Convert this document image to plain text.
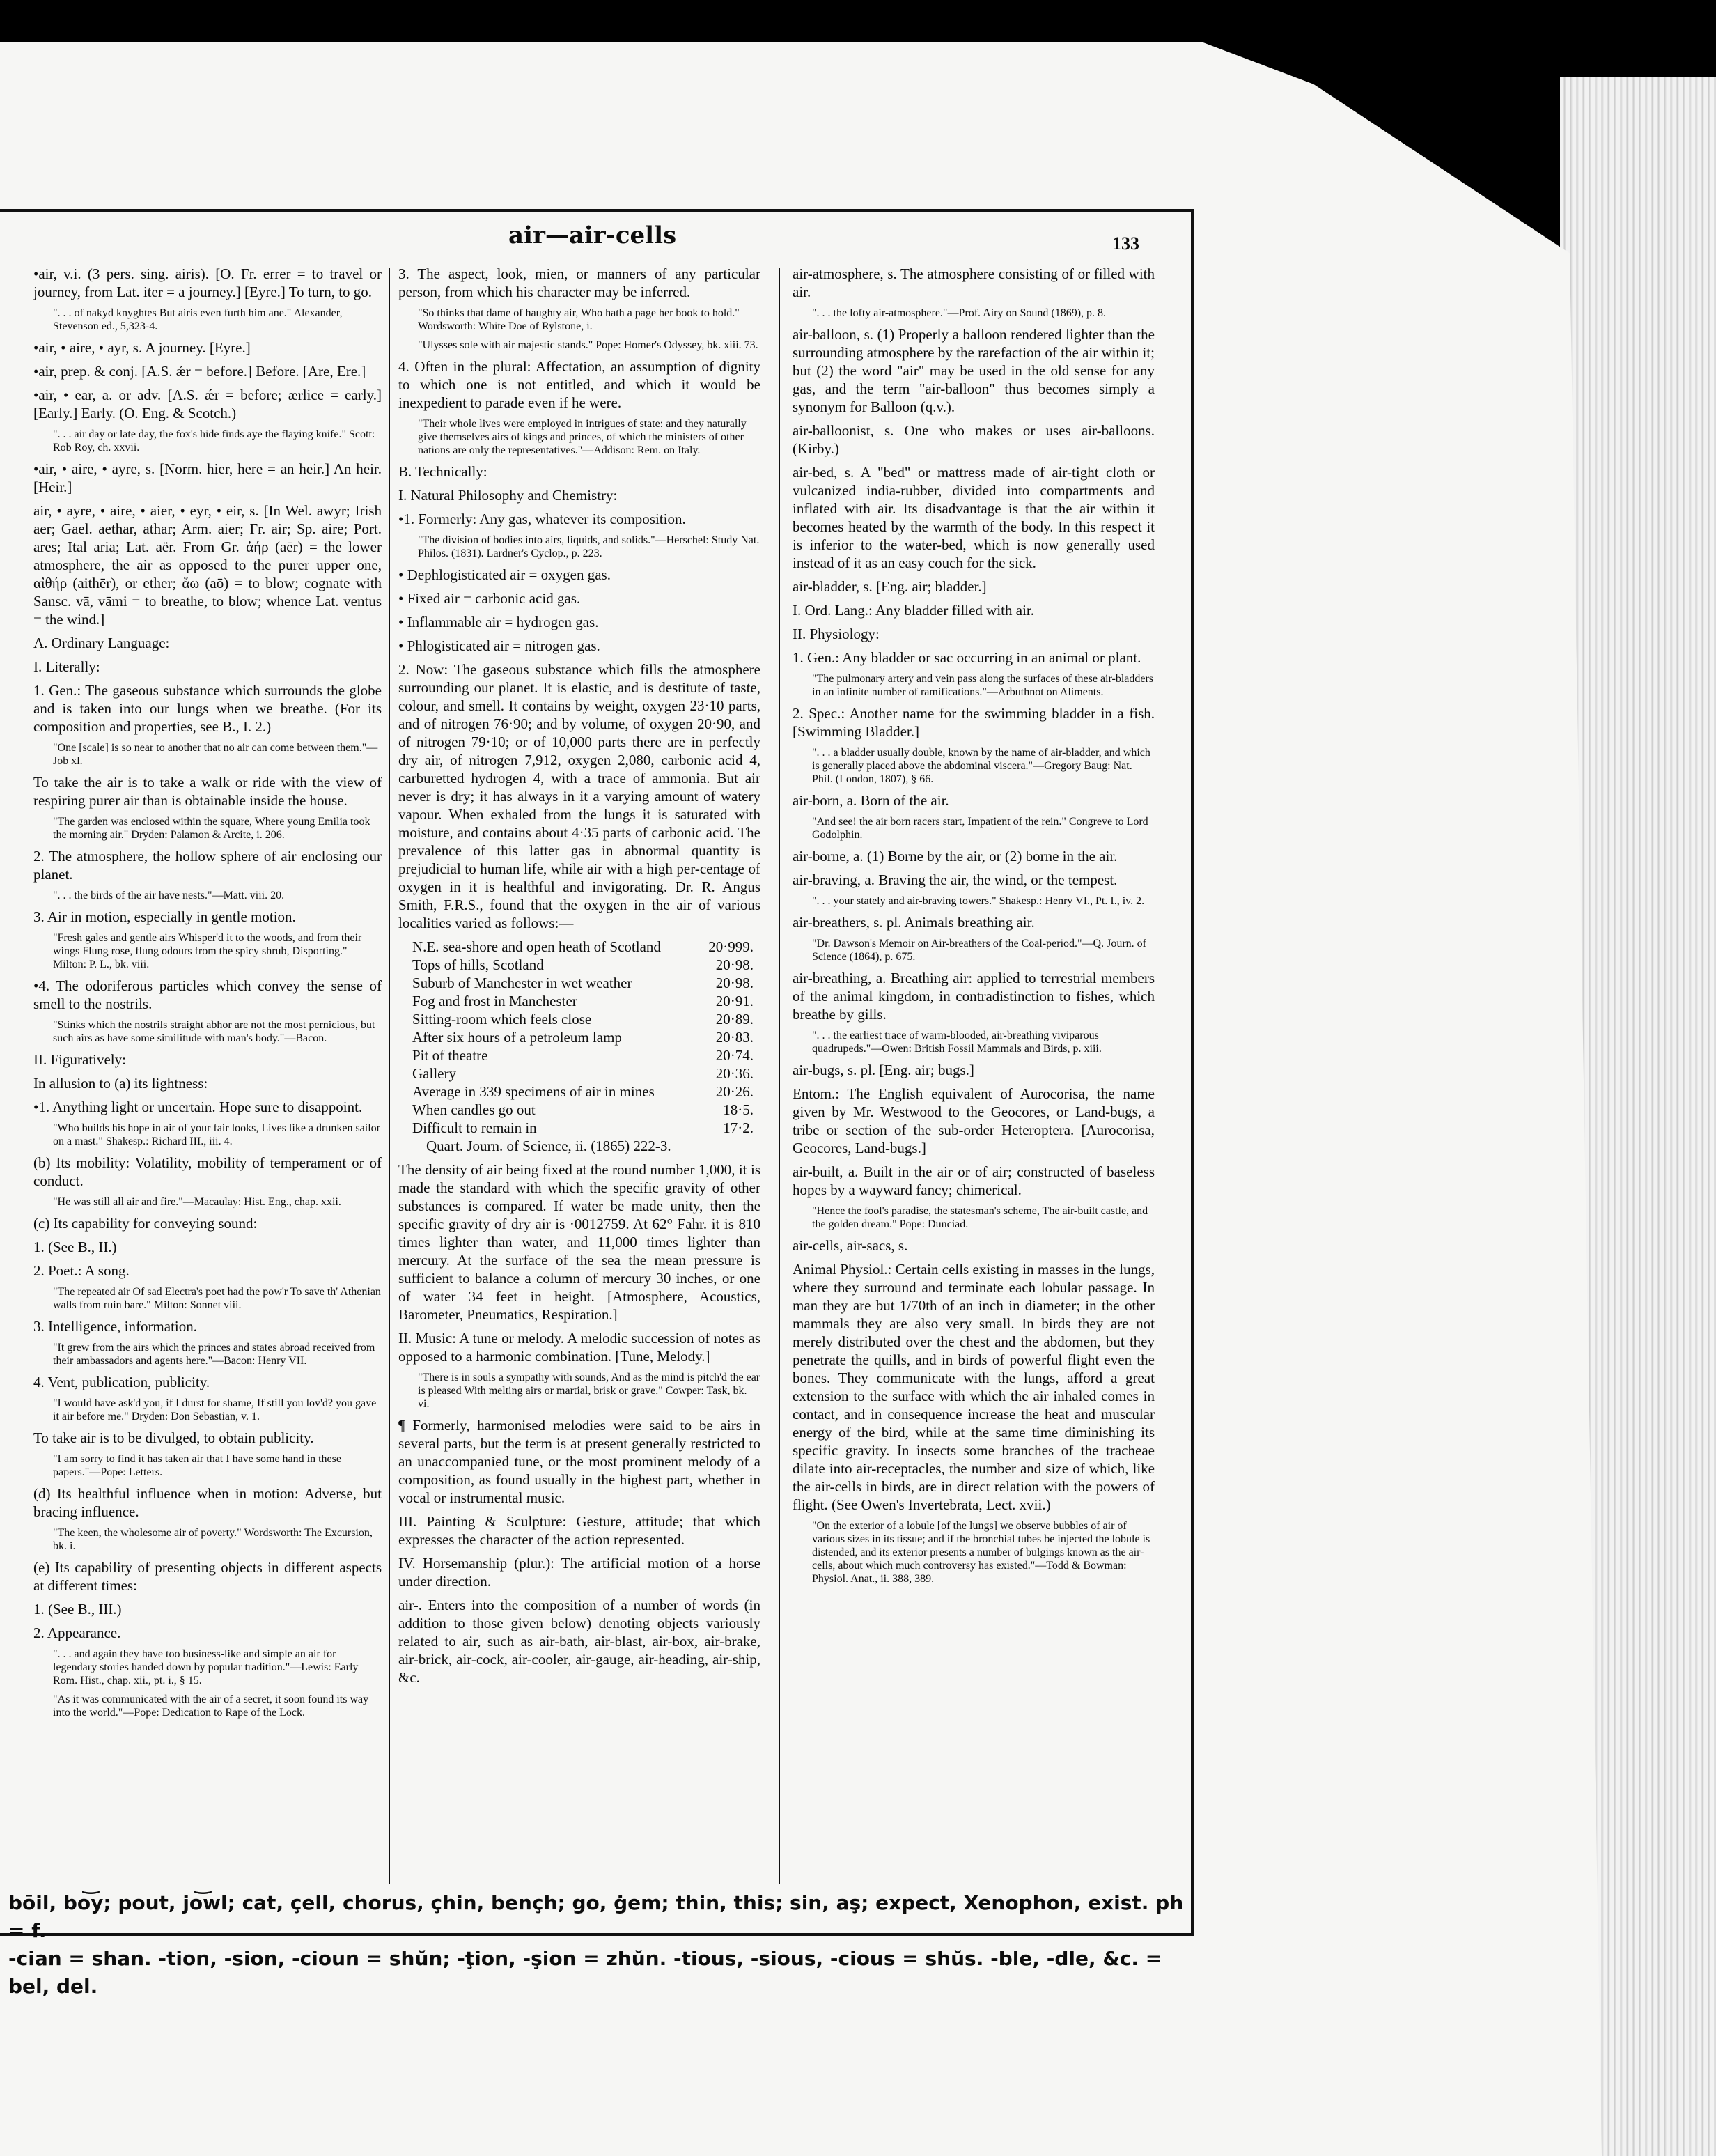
air—air-cells	133

•air, v.i. (3 pers. sing. airis). [O. Fr. errer = to travel or journey, from Lat. iter = a journey.] [Eyre.] To turn, to go.

". . . of nakyd knyghtes But airis even furth him ane." Alexander, Stevenson ed., 5,323-4.

•air, • aire, • ayr, s. A journey. [Eyre.]

•air, prep. & conj. [A.S. ǽr = before.] Before. [Are, Ere.]

•air, • ear, a. or adv. [A.S. ǽr = before; ærlice = early.] [Early.] Early. (O. Eng. & Scotch.)

". . . air day or late day, the fox's hide finds aye the flaying knife." Scott: Rob Roy, ch. xxvii.

•air, • aire, • ayre, s. [Norm. hier, here = an heir.] An heir. [Heir.]

air, • ayre, • aire, • aier, • eyr, • eir, s. [In Wel. awyr; Irish aer; Gael. aethar, athar; Arm. aier; Fr. air; Sp. aire; Port. ares; Ital aria; Lat. aër. From Gr. ἀήρ (aēr) = the lower atmosphere, the air as opposed to the purer upper one, αἰθήρ (aithēr), or ether; ἄω (aō) = to blow; cognate with Sansc. vā, vāmi = to breathe, to blow; whence Lat. ventus = the wind.]

A. Ordinary Language:

I. Literally:

1. Gen.: The gaseous substance which surrounds the globe and is taken into our lungs when we breathe. (For its composition and properties, see B., I. 2.)

"One [scale] is so near to another that no air can come between them."—Job xl.

To take the air is to take a walk or ride with the view of respiring purer air than is obtainable inside the house.

"The garden was enclosed within the square, Where young Emilia took the morning air." Dryden: Palamon & Arcite, i. 206.

2. The atmosphere, the hollow sphere of air enclosing our planet.

". . . the birds of the air have nests."—Matt. viii. 20.

3. Air in motion, especially in gentle motion.

"Fresh gales and gentle airs Whisper'd it to the woods, and from their wings Flung rose, flung odours from the spicy shrub, Disporting." Milton: P. L., bk. viii.

•4. The odoriferous particles which convey the sense of smell to the nostrils.

"Stinks which the nostrils straight abhor are not the most pernicious, but such airs as have some similitude with man's body."—Bacon.

II. Figuratively:

In allusion to (a) its lightness:

•1. Anything light or uncertain. Hope sure to disappoint.

"Who builds his hope in air of your fair looks, Lives like a drunken sailor on a mast." Shakesp.: Richard III., iii. 4.

(b) Its mobility: Volatility, mobility of temperament or of conduct.

"He was still all air and fire."—Macaulay: Hist. Eng., chap. xxii.

(c) Its capability for conveying sound:

1. (See B., II.)

2. Poet.: A song.

"The repeated air Of sad Electra's poet had the pow'r To save th' Athenian walls from ruin bare." Milton: Sonnet viii.

3. Intelligence, information.

"It grew from the airs which the princes and states abroad received from their ambassadors and agents here."—Bacon: Henry VII.

4. Vent, publication, publicity.

"I would have ask'd you, if I durst for shame, If still you lov'd? you gave it air before me." Dryden: Don Sebastian, v. 1.

To take air is to be divulged, to obtain publicity.

"I am sorry to find it has taken air that I have some hand in these papers."—Pope: Letters.

(d) Its healthful influence when in motion: Adverse, but bracing influence.

"The keen, the wholesome air of poverty." Wordsworth: The Excursion, bk. i.

(e) Its capability of presenting objects in different aspects at different times:

1. (See B., III.)

2. Appearance.

". . . and again they have too business-like and simple an air for legendary stories handed down by popular tradition."—Lewis: Early Rom. Hist., chap. xii., pt. i., § 15.

"As it was communicated with the air of a secret, it soon found its way into the world."—Pope: Dedication to Rape of the Lock.

3. The aspect, look, mien, or manners of any particular person, from which his character may be inferred.

"So thinks that dame of haughty air, Who hath a page her book to hold." Wordsworth: White Doe of Rylstone, i.

"Ulysses sole with air majestic stands." Pope: Homer's Odyssey, bk. xiii. 73.

4. Often in the plural: Affectation, an assumption of dignity to which one is not entitled, and which it would be inexpedient to parade even if he were.

"Their whole lives were employed in intrigues of state: and they naturally give themselves airs of kings and princes, of which the ministers of other nations are only the representatives."—Addison: Rem. on Italy.

B. Technically:

I. Natural Philosophy and Chemistry:

•1. Formerly: Any gas, whatever its composition.

"The division of bodies into airs, liquids, and solids."—Herschel: Study Nat. Philos. (1831). Lardner's Cyclop., p. 223.

• Dephlogisticated air = oxygen gas.

• Fixed air = carbonic acid gas.

• Inflammable air = hydrogen gas.

• Phlogisticated air = nitrogen gas.

2. Now: The gaseous substance which fills the atmosphere surrounding our planet. It is elastic, and is destitute of taste, colour, and smell. It contains by weight, oxygen 23·10 parts, and of nitrogen 76·90; and by volume, of oxygen 20·90, and of nitrogen 79·10; or of 10,000 parts there are in perfectly dry air, of nitrogen 7,912, oxygen 2,080, carbonic acid 4, carburetted hydrogen 4, with a trace of ammonia. But air never is dry; it has always in it a varying amount of watery vapour. When exhaled from the lungs it is saturated with moisture, and contains about 4·35 parts of carbonic acid. The prevalence of this latter gas in abnormal quantity is prejudicial to human life, while air with a high per-centage of oxygen in it is healthful and invigorating. Dr. R. Angus Smith, F.R.S., found that the oxygen in the air of various localities varied as follows:—

N.E. sea-shore and open heath of Scotland	20·999.
Tops of hills, Scotland	20·98.
Suburb of Manchester in wet weather	20·98.
Fog and frost in Manchester	20·91.
Sitting-room which feels close	20·89.
After six hours of a petroleum lamp	20·83.
Pit of theatre	20·74.
Gallery	20·36.
Average in 339 specimens of air in mines	20·26.
When candles go out	18·5.
Difficult to remain in	17·2.

Quart. Journ. of Science, ii. (1865) 222-3.

The density of air being fixed at the round number 1,000, it is made the standard with which the specific gravity of other substances is compared. If water be made unity, then the specific gravity of dry air is ·0012759. At 62° Fahr. it is 810 times lighter than water, and 11,000 times lighter than mercury. At the surface of the sea the mean pressure is sufficient to balance a column of mercury 30 inches, or one of water 34 feet in height. [Atmosphere, Acoustics, Barometer, Pneumatics, Respiration.]

II. Music: A tune or melody. A melodic succession of notes as opposed to a harmonic combination. [Tune, Melody.]

"There is in souls a sympathy with sounds, And as the mind is pitch'd the ear is pleased With melting airs or martial, brisk or grave." Cowper: Task, bk. vi.

¶ Formerly, harmonised melodies were said to be airs in several parts, but the term is at present generally restricted to an unaccompanied tune, or the most prominent melody of a composition, as found usually in the highest part, whether in vocal or instrumental music.

III. Painting & Sculpture: Gesture, attitude; that which expresses the character of the action represented.

IV. Horsemanship (plur.): The artificial motion of a horse under direction.

air-. Enters into the composition of a number of words (in addition to those given below) denoting objects variously related to air, such as air-bath, air-blast, air-box, air-brake, air-brick, air-cock, air-cooler, air-gauge, air-heading, air-ship, &c.

air-atmosphere, s. The atmosphere consisting of or filled with air.

". . . the lofty air-atmosphere."—Prof. Airy on Sound (1869), p. 8.

air-balloon, s. (1) Properly a balloon rendered lighter than the surrounding atmosphere by the rarefaction of the air within it; but (2) the word "air" may be used in the old sense for any gas, and the term "air-balloon" thus becomes simply a synonym for Balloon (q.v.).

air-balloonist, s. One who makes or uses air-balloons. (Kirby.)

air-bed, s. A "bed" or mattress made of air-tight cloth or vulcanized india-rubber, divided into compartments and inflated with air. Its disadvantage is that the air within it becomes heated by the warmth of the body. In this respect it is inferior to the water-bed, which is now generally used instead of it as an easy couch for the sick.

air-bladder, s. [Eng. air; bladder.]

I. Ord. Lang.: Any bladder filled with air.

II. Physiology:

1. Gen.: Any bladder or sac occurring in an animal or plant.

"The pulmonary artery and vein pass along the surfaces of these air-bladders in an infinite number of ramifications."—Arbuthnot on Aliments.

2. Spec.: Another name for the swimming bladder in a fish. [Swimming Bladder.]

". . . a bladder usually double, known by the name of air-bladder, and which is generally placed above the abdominal viscera."—Gregory Baug: Nat. Phil. (London, 1807), § 66.

air-born, a. Born of the air.

"And see! the air born racers start, Impatient of the rein." Congreve to Lord Godolphin.

air-borne, a. (1) Borne by the air, or (2) borne in the air.

air-braving, a. Braving the air, the wind, or the tempest.

". . . your stately and air-braving towers." Shakesp.: Henry VI., Pt. I., iv. 2.

air-breathers, s. pl. Animals breathing air.

"Dr. Dawson's Memoir on Air-breathers of the Coal-period."—Q. Journ. of Science (1864), p. 675.

air-breathing, a. Breathing air: applied to terrestrial members of the animal kingdom, in contradistinction to fishes, which breathe by gills.

". . . the earliest trace of warm-blooded, air-breathing viviparous quadrupeds."—Owen: British Fossil Mammals and Birds, p. xiii.

air-bugs, s. pl. [Eng. air; bugs.]

Entom.: The English equivalent of Aurocorisa, the name given by Mr. Westwood to the Geocores, or Land-bugs, a tribe or section of the sub-order Heteroptera. [Aurocorisa, Geocores, Land-bugs.]

air-built, a. Built in the air or of air; constructed of baseless hopes by a wayward fancy; chimerical.

"Hence the fool's paradise, the statesman's scheme, The air-built castle, and the golden dream." Pope: Dunciad.

air-cells, air-sacs, s.

Animal Physiol.: Certain cells existing in masses in the lungs, where they surround and terminate each lobular passage. In man they are but 1/70th of an inch in diameter; in the other mammals they are also very small. In birds they are not merely distributed over the chest and the abdomen, but they penetrate the quills, and in birds of powerful flight even the bones. They communicate with the lungs, afford a great extension to the surface with which the air inhaled comes in contact, and in consequence increase the heat and muscular energy of the bird, while at the same time diminishing its specific gravity. In insects some branches of the tracheae dilate into air-receptacles, the number and size of which, like the air-cells in birds, are in direct relation with the powers of flight. (See Owen's Invertebrata, Lect. xvii.)

"On the exterior of a lobule [of the lungs] we observe bubbles of air of various sizes in its tissue; and if the bronchial tubes be injected the lobule is distended, and its exterior presents a number of bulgings known as the air-cells, about which much controversy has existed."—Todd & Bowman: Physiol. Anat., ii. 388, 389.

bōil, bo͝y; pout, jo͝wl; cat, çell, chorus, çhin, bençh; go, ġem; thin, this; sin, aş; expect, Xenophon, exist. ph = f.
-cian = shan. -tion, -sion, -cioun = shŭn; -ţion, -şion = zhŭn. -tious, -sious, -cious = shŭs. -ble, -dle, &c. = bel, del.
